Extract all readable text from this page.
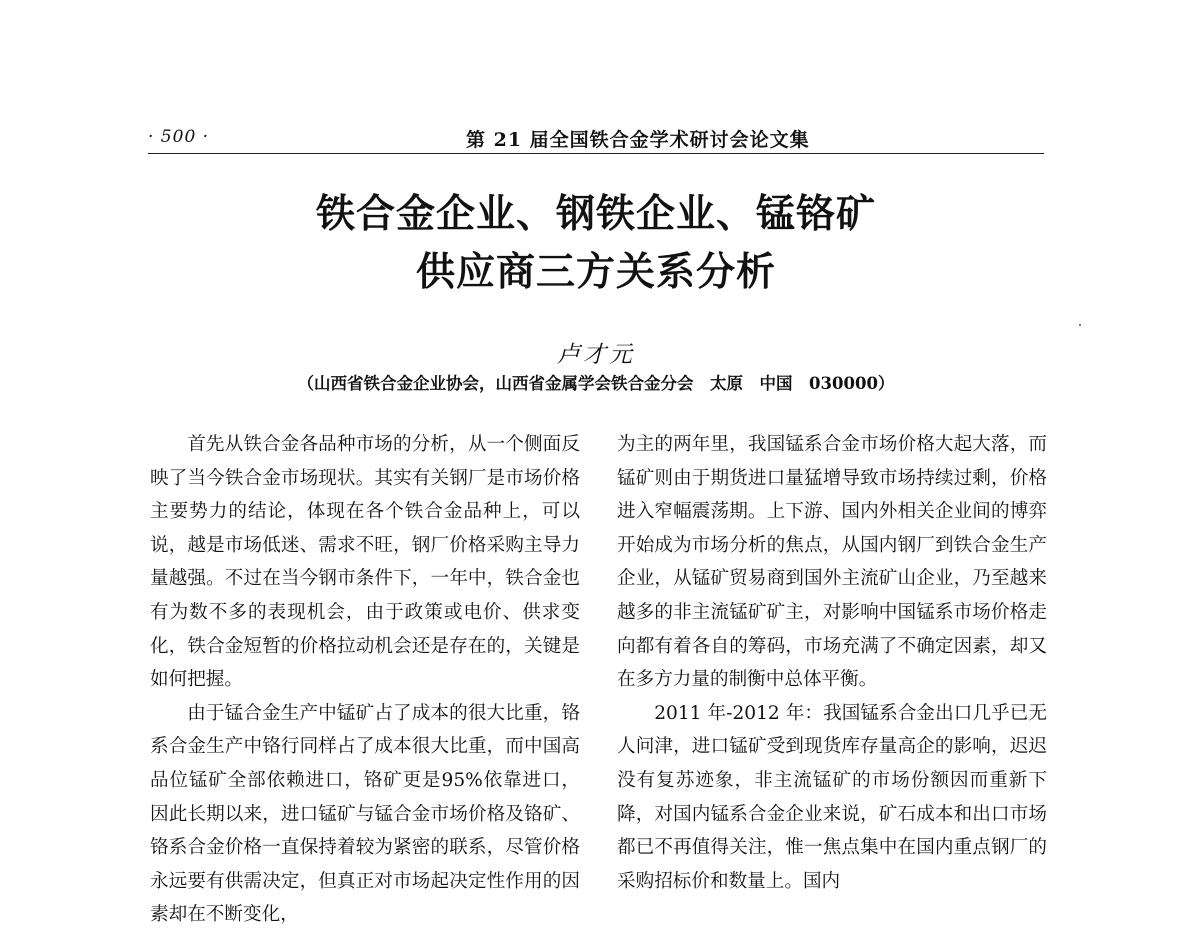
· 500 ·	第 21 届全国铁合金学术研讨会论文集
铁合金企业、钢铁企业、锰铬矿
供应商三方关系分析
卢才元
（山西省铁合金企业协会，山西省金属学会铁合金分会　太原　中国　030000）

首先从铁合金各品种市场的分析，从一个侧面反映了当今铁合金市场现状。其实有关钢厂是市场价格主要势力的结论，体现在各个铁合金品种上，可以说，越是市场低迷、需求不旺，钢厂价格采购主导力量越强。不过在当今钢市条件下，一年中，铁合金也有为数不多的表现机会，由于政策或电价、供求变化，铁合金短暂的价格拉动机会还是存在的，关键是如何把握。

由于锰合金生产中锰矿占了成本的很大比重，铬系合金生产中铬行同样占了成本很大比重，而中国高品位锰矿全部依赖进口，铬矿更是95%依靠进口，因此长期以来，进口锰矿与锰合金市场价格及铬矿、铬系合金价格一直保持着较为紧密的联系，尽管价格永远要有供需决定，但真正对市场起决定性作用的因素却在不断变化，

为主的两年里，我国锰系合金市场价格大起大落，而锰矿则由于期货进口量猛增导致市场持续过剩，价格进入窄幅震荡期。上下游、国内外相关企业间的博弈开始成为市场分析的焦点，从国内钢厂到铁合金生产企业，从锰矿贸易商到国外主流矿山企业，乃至越来越多的非主流锰矿矿主，对影响中国锰系市场价格走向都有着各自的筹码，市场充满了不确定因素，却又在多方力量的制衡中总体平衡。

2011 年-2012 年：我国锰系合金出口几乎已无人问津，进口锰矿受到现货库存量高企的影响，迟迟没有复苏迹象，非主流锰矿的市场份额因而重新下降，对国内锰系合金企业来说，矿石成本和出口市场都已不再值得关注，惟一焦点集中在国内重点钢厂的采购招标价和数量上。国内
